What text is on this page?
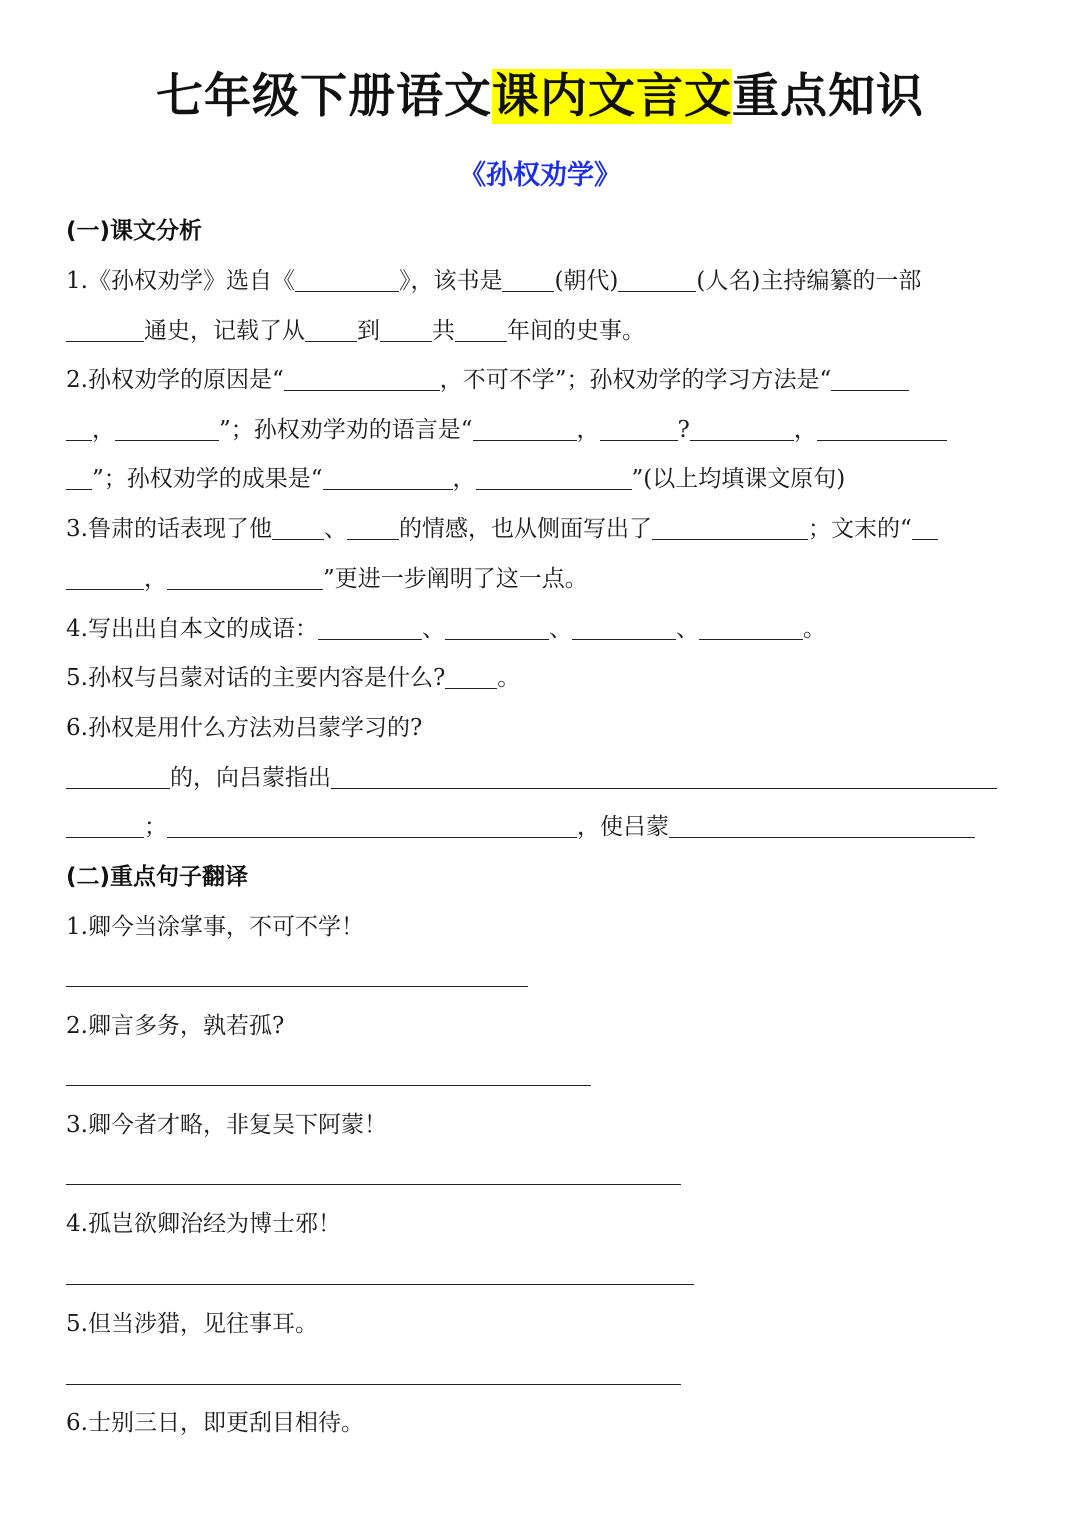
七年级下册语文课内文言文重点知识
《孙权劝学》
(一)课文分析
1.《孙权劝学》选自《	》，该书是 (朝代)	(人名)主持编纂的一部
通史，记载了从 到 共 年间的史事。
2.孙权劝学的原因是“	，不可不学”；孙权劝学的学习方法是“
，	”；孙权劝学劝的语言是“	，	?	，
”；孙权劝学的成果是“	，	”(以上均填课文原句)
3.鲁肃的话表现了他 、 的情感，也从侧面写出了	；文末的“
，	”更进一步阐明了这一点。
4.写出出自本文的成语：	、	、	、	。
5.孙权与吕蒙对话的主要内容是什么? 。
6.孙权是用什么方法劝吕蒙学习的?
的，向吕蒙指出
；	，使吕蒙
(二)重点句子翻译
1.卿今当涂掌事，不可不学！
2.卿言多务，孰若孤?
3.卿今者才略，非复吴下阿蒙！
4.孤岂欲卿治经为博士邪！
5.但当涉猎，见往事耳。
6.士别三日，即更刮目相待。
